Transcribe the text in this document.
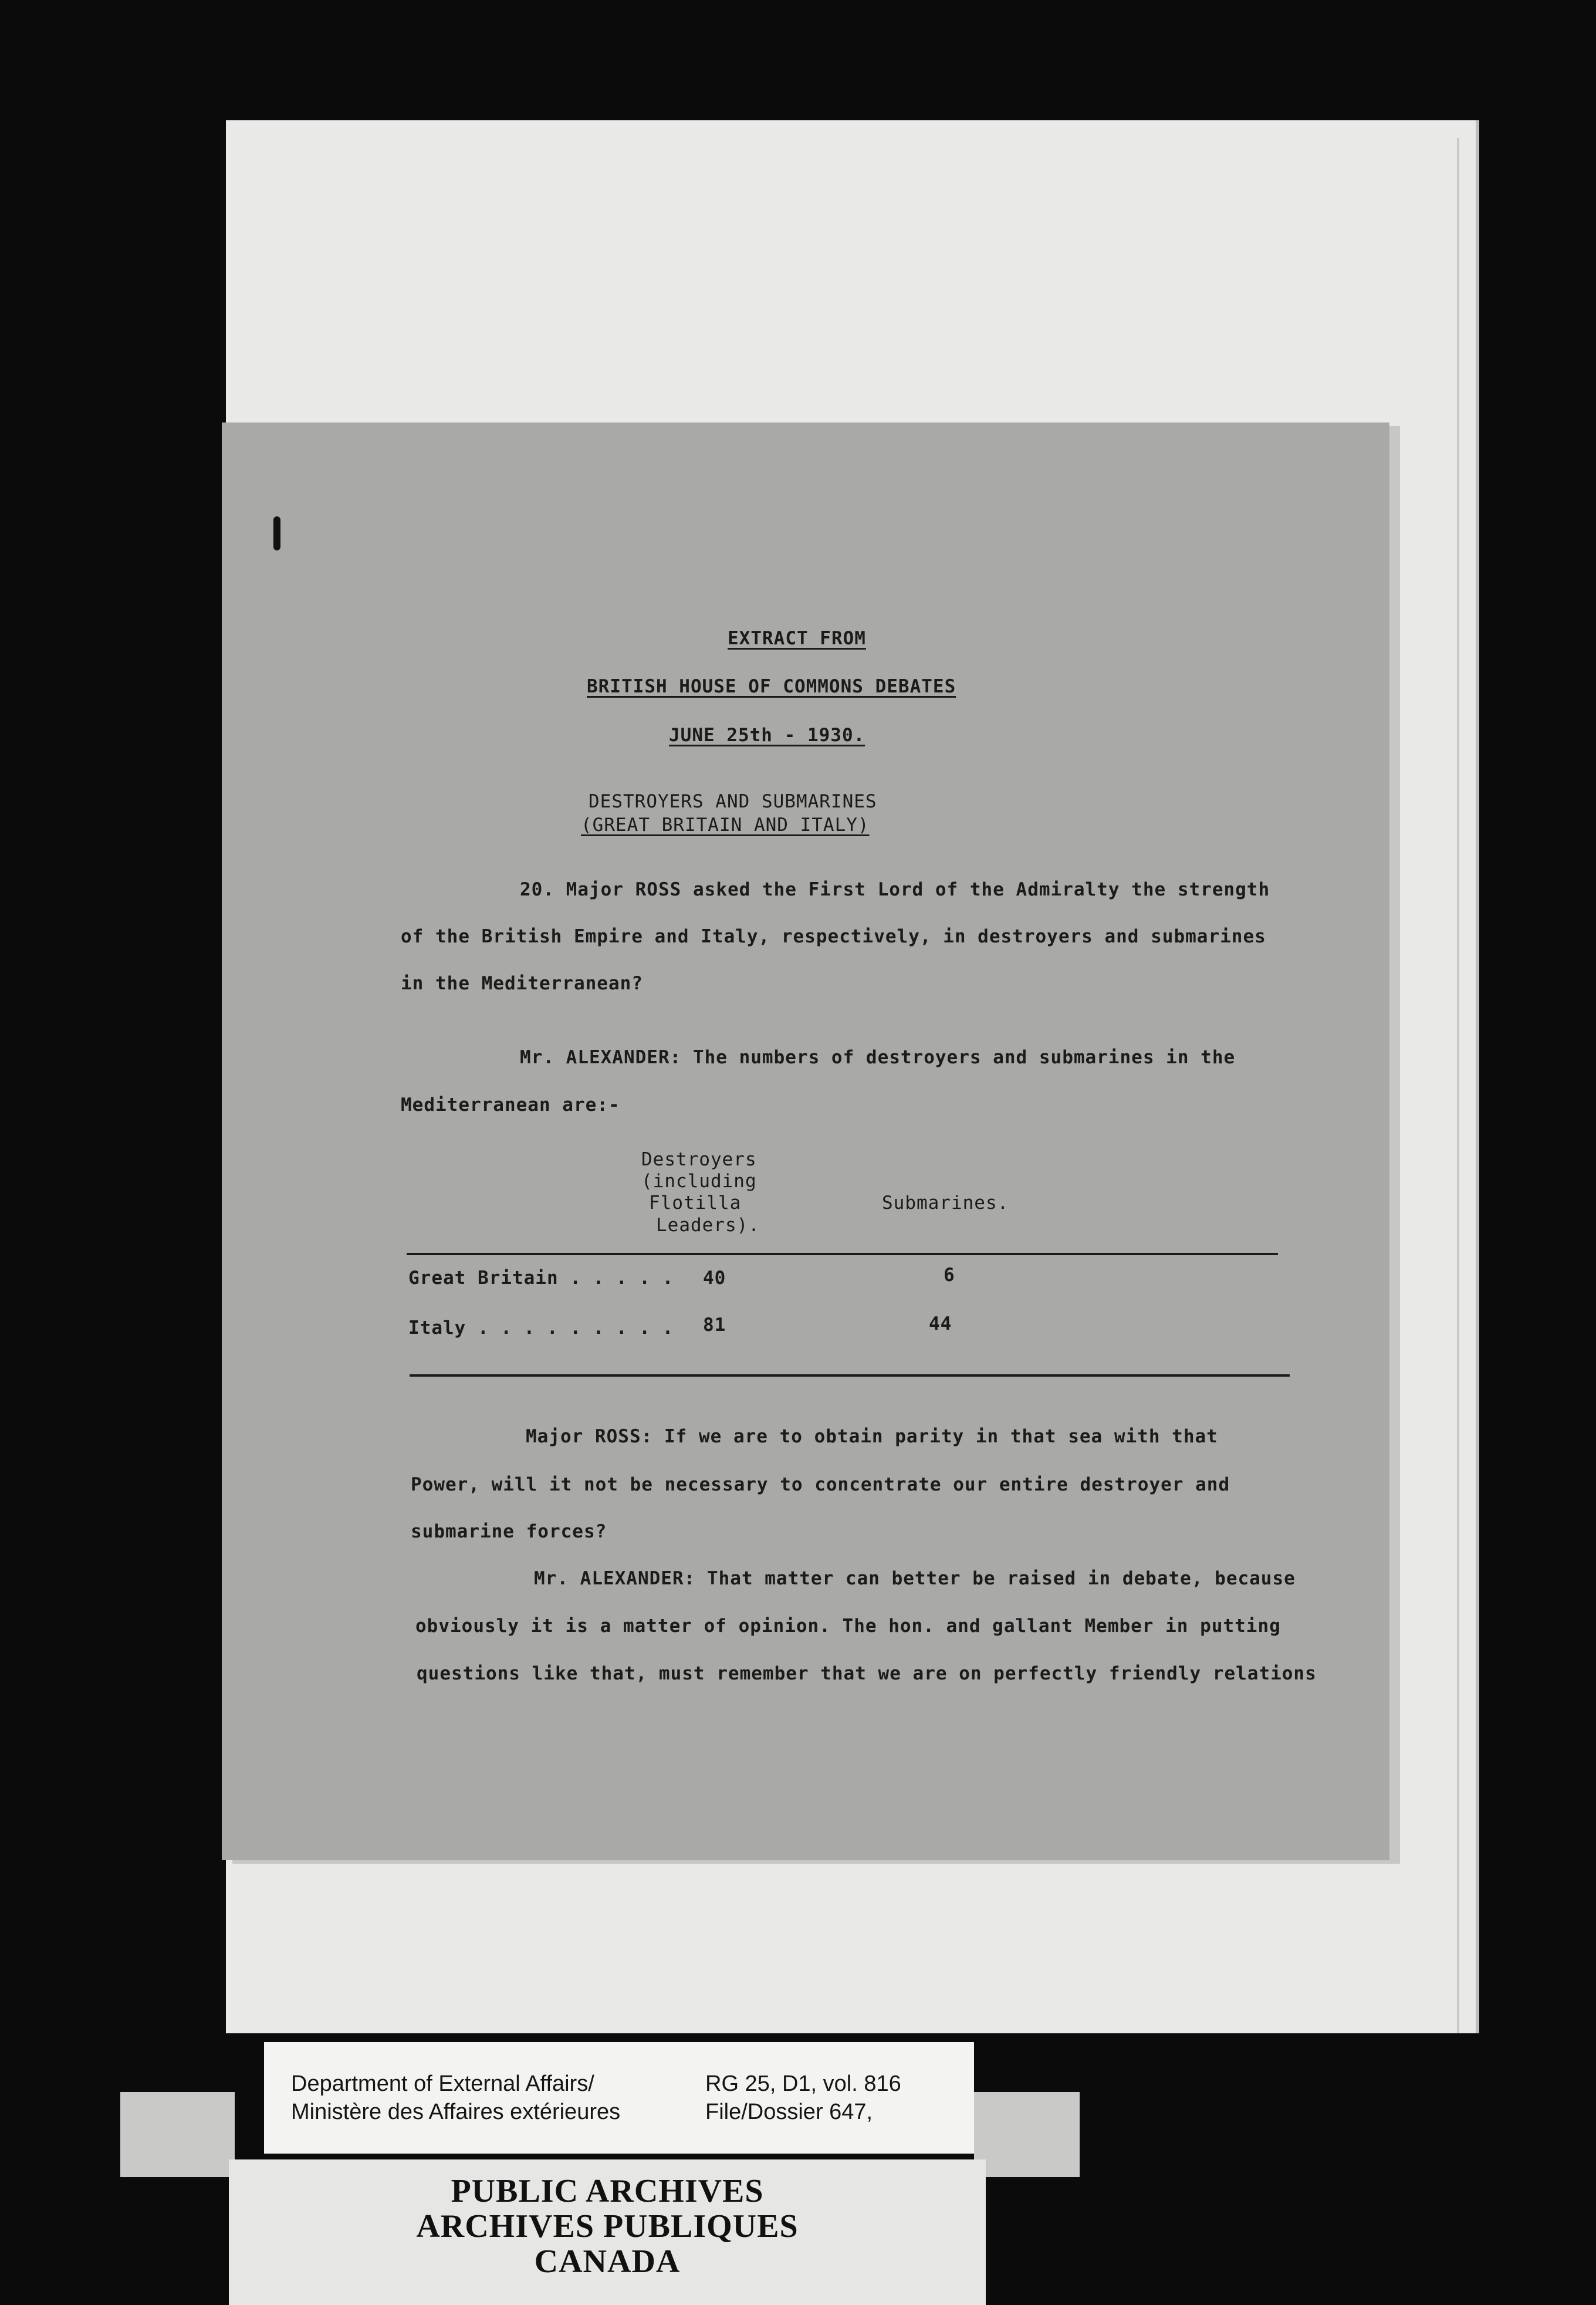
EXTRACT FROM
BRITISH HOUSE OF COMMONS DEBATES
JUNE 25th - 1930.
DESTROYERS AND SUBMARINES
(GREAT BRITAIN AND ITALY)
20. Major ROSS asked the First Lord of the Admiralty the strength
of the British Empire and Italy, respectively, in destroyers and submarines
in the Mediterranean?
Mr. ALEXANDER: The numbers of destroyers and submarines in the
Mediterranean are:-
Destroyers
(including
Flotilla
Leaders).
Submarines.
Great Britain . . . . . 40	6
Italy . . . . . . . . . 81	44
Major ROSS: If we are to obtain parity in that sea with that
Power, will it not be necessary to concentrate our entire destroyer and
submarine forces?
Mr. ALEXANDER: That matter can better be raised in debate, because
obviously it is a matter of opinion. The hon. and gallant Member in putting
questions like that, must remember that we are on perfectly friendly relations
Department of External Affairs/
Ministère des Affaires extérieures
RG 25, D1, vol. 816
File/Dossier 647,
PUBLIC ARCHIVES
ARCHIVES PUBLIQUES
CANADA
